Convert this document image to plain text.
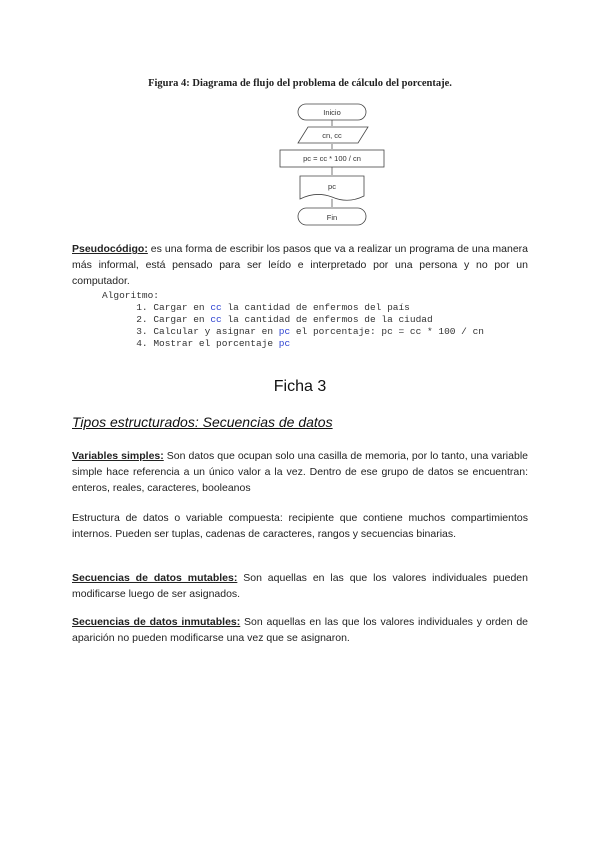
Figura 4: Diagrama de flujo del problema de cálculo del porcentaje.
Inicio
cn, cc
pc = cc * 100 / cn
pc
Fin
Pseudocódigo: es una forma de escribir los pasos que va a realizar un programa de una manera más informal, está pensado para ser leído e interpretado por una persona y no por un computador.
Algoritmo:
1. Cargar en cc la cantidad de enfermos del país
2. Cargar en cc la cantidad de enfermos de la ciudad
3. Calcular y asignar en pc el porcentaje: pc = cc * 100 / cn
4. Mostrar el porcentaje pc
Ficha 3
Tipos estructurados: Secuencias de datos
Variables simples: Son datos que ocupan solo una casilla de memoria, por lo tanto, una variable simple hace referencia a un único valor a la vez. Dentro de ese grupo de datos se encuentran: enteros, reales, caracteres, booleanos
Estructura de datos o variable compuesta: recipiente que contiene muchos compartimientos internos. Pueden ser tuplas, cadenas de caracteres, rangos y secuencias binarias.
Secuencias de datos mutables: Son aquellas en las que los valores individuales pueden modificarse luego de ser asignados.
Secuencias de datos inmutables: Son aquellas en las que los valores individuales y orden de aparición no pueden modificarse una vez que se asignaron.
